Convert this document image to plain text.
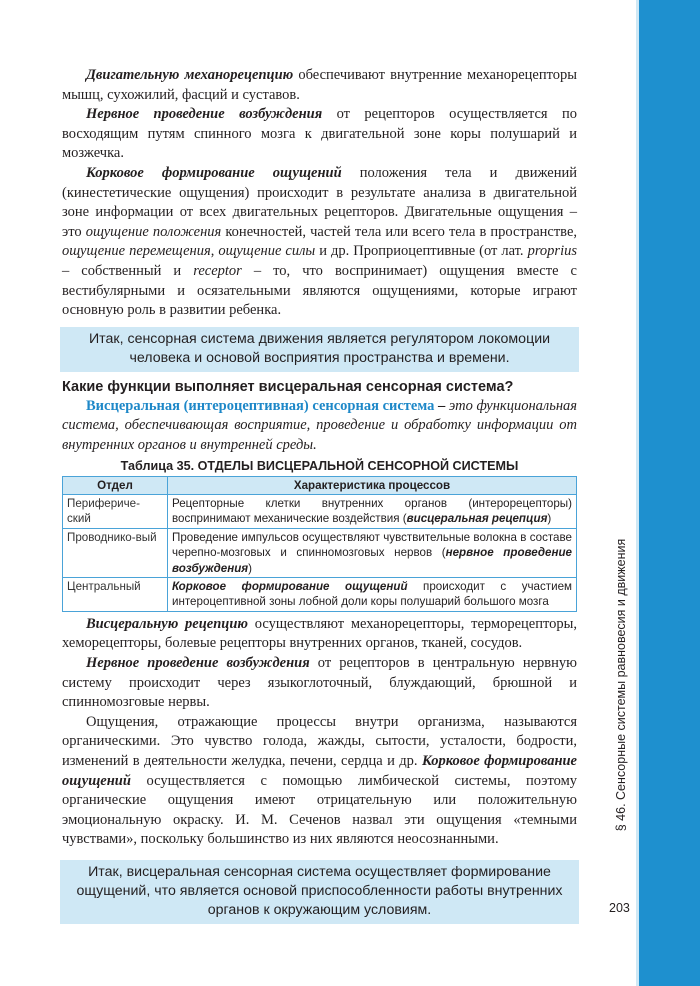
Двигательную механорецепцию обеспечивают внутренние механорецепторы мышц, сухожилий, фасций и суставов.

Нервное проведение возбуждения от рецепторов осуществляется по восходящим путям спинного мозга к двигательной зоне коры полушарий и мозжечка.

Корковое формирование ощущений положения тела и движений (кинестетические ощущения) происходит в результате анализа в двигательной зоне информации от всех двигательных рецепторов. Двигательные ощущения – это ощущение положения конечностей, частей тела или всего тела в пространстве, ощущение перемещения, ощущение силы и др. Проприоцептивные (от лат. proprius – собственный и receptor – то, что воспринимает) ощущения вместе с вестибулярными и осязательными являются ощущениями, которые играют основную роль в развитии ребенка.

Итак, сенсорная система движения является регулятором локомоции человека и основой восприятия пространства и времени.
Какие функции выполняет висцеральная сенсорная система?

Висцеральная (интероцептивная) сенсорная система – это функциональная система, обеспечивающая восприятие, проведение и обработку информации от внутренних органов и внутренней среды.

Таблица 35. ОТДЕЛЫ ВИСЦЕРАЛЬНОЙ СЕНСОРНОЙ СИСТЕМЫ
Отдел	Характеристика процессов
Перифериче-ский	Рецепторные клетки внутренних органов (интерорецепторы) воспринимают механические воздействия (висцеральная рецепция)
Проводнико-вый	Проведение импульсов осуществляют чувствительные волокна в составе черепно-мозговых и спинномозговых нервов (нервное проведение возбуждения)
Центральный	Корковое формирование ощущений происходит с участием интероцептивной зоны лобной доли коры полушарий большого мозга

Висцеральную рецепцию осуществляют механорецепторы, терморецепторы, хеморецепторы, болевые рецепторы внутренних органов, тканей, сосудов.

Нервное проведение возбуждения от рецепторов в центральную нервную систему происходит через языкоглоточный, блуждающий, брюшной и спинномозговые нервы.

Ощущения, отражающие процессы внутри организма, называются органическими. Это чувство голода, жажды, сытости, усталости, бодрости, изменений в деятельности желудка, печени, сердца и др. Корковое формирование ощущений осуществляется с помощью лимбической системы, поэтому органические ощущения имеют отрицательную или положительную эмоциональную окраску. И. М. Сеченов назвал эти ощущения «темными чувствами», поскольку большинство из них являются неосознанными.

Итак, висцеральная сенсорная система осуществляет формирование ощущений, что является основой приспособленности работы внутренних органов к окружающим условиям.
§ 46. Сенсорные системы равновесия и движения
203
